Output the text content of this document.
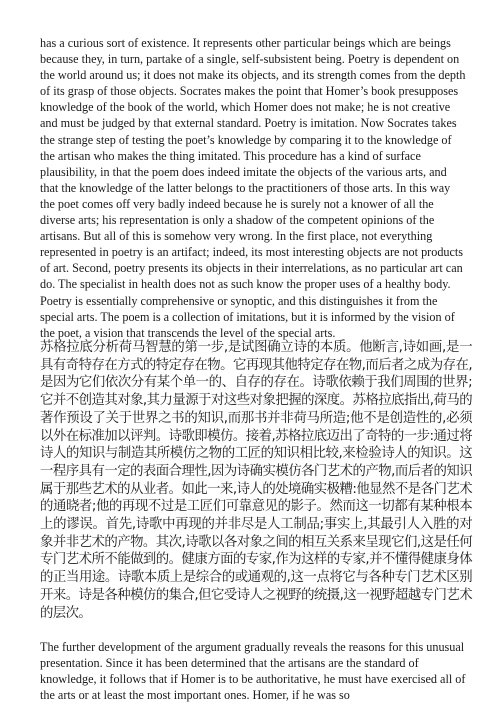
has a curious sort of existence. It represents other particular beings which are beings because they, in turn, partake of a single, self-subsistent being. Poetry is dependent on the world around us; it does not make its objects, and its strength comes from the depth of its grasp of those objects. Socrates makes the point that Homer’s book presupposes knowledge of the book of the world, which Homer does not make; he is not creative and must be judged by that external standard. Poetry is imitation. Now Socrates takes the strange step of testing the poet’s knowledge by comparing it to the knowledge of the artisan who makes the thing imitated. This procedure has a kind of surface plausibility, in that the poem does indeed imitate the objects of the various arts, and that the knowledge of the latter belongs to the practitioners of those arts. In this way the poet comes off very badly indeed because he is surely not a knower of all the diverse arts; his representation is only a shadow of the competent opinions of the artisans. But all of this is somehow very wrong. In the first place, not everything represented in poetry is an artifact; indeed, its most interesting objects are not products of art. Second, poetry presents its objects in their interrelations, as no particular art can do. The specialist in health does not as such know the proper uses of a healthy body. Poetry is essentially comprehensive or synoptic, and this distinguishes it from the special arts. The poem is a collection of imitations, but it is informed by the vision of the poet, a vision that transcends the level of the special arts.

苏格拉底分析荷马智慧的第一步,是试图确立诗的本质。他断言,诗如画,是一具有奇特存在方式的特定存在物。它再现其他特定存在物,而后者之成为存在,是因为它们依次分有某个单一的、自存的存在。诗歌依赖于我们周围的世界;它并不创造其对象,其力量源于对这些对象把握的深度。苏格拉底指出,荷马的著作预设了关于世界之书的知识,而那书并非荷马所造;他不是创造性的,必须以外在标准加以评判。诗歌即模仿。接着,苏格拉底迈出了奇特的一步:通过将诗人的知识与制造其所模仿之物的工匠的知识相比较,来检验诗人的知识。这一程序具有一定的表面合理性,因为诗确实模仿各门艺术的产物,而后者的知识属于那些艺术的从业者。如此一来,诗人的处境确实极糟:他显然不是各门艺术的通晓者;他的再现不过是工匠们可靠意见的影子。然而这一切都有某种根本上的谬误。首先,诗歌中再现的并非尽是人工制品;事实上,其最引人入胜的对象并非艺术的产物。其次,诗歌以各对象之间的相互关系来呈现它们,这是任何专门艺术所不能做到的。健康方面的专家,作为这样的专家,并不懂得健康身体的正当用途。诗歌本质上是综合的或通观的,这一点将它与各种专门艺术区别开来。诗是各种模仿的集合,但它受诗人之视野的统摄,这一视野超越专门艺术的层次。

The further development of the argument gradually reveals the reasons for this unusual presentation. Since it has been determined that the artisans are the standard of knowledge, it follows that if Homer is to be authoritative, he must have exercised all of the arts or at least the most important ones. Homer, if he was so
